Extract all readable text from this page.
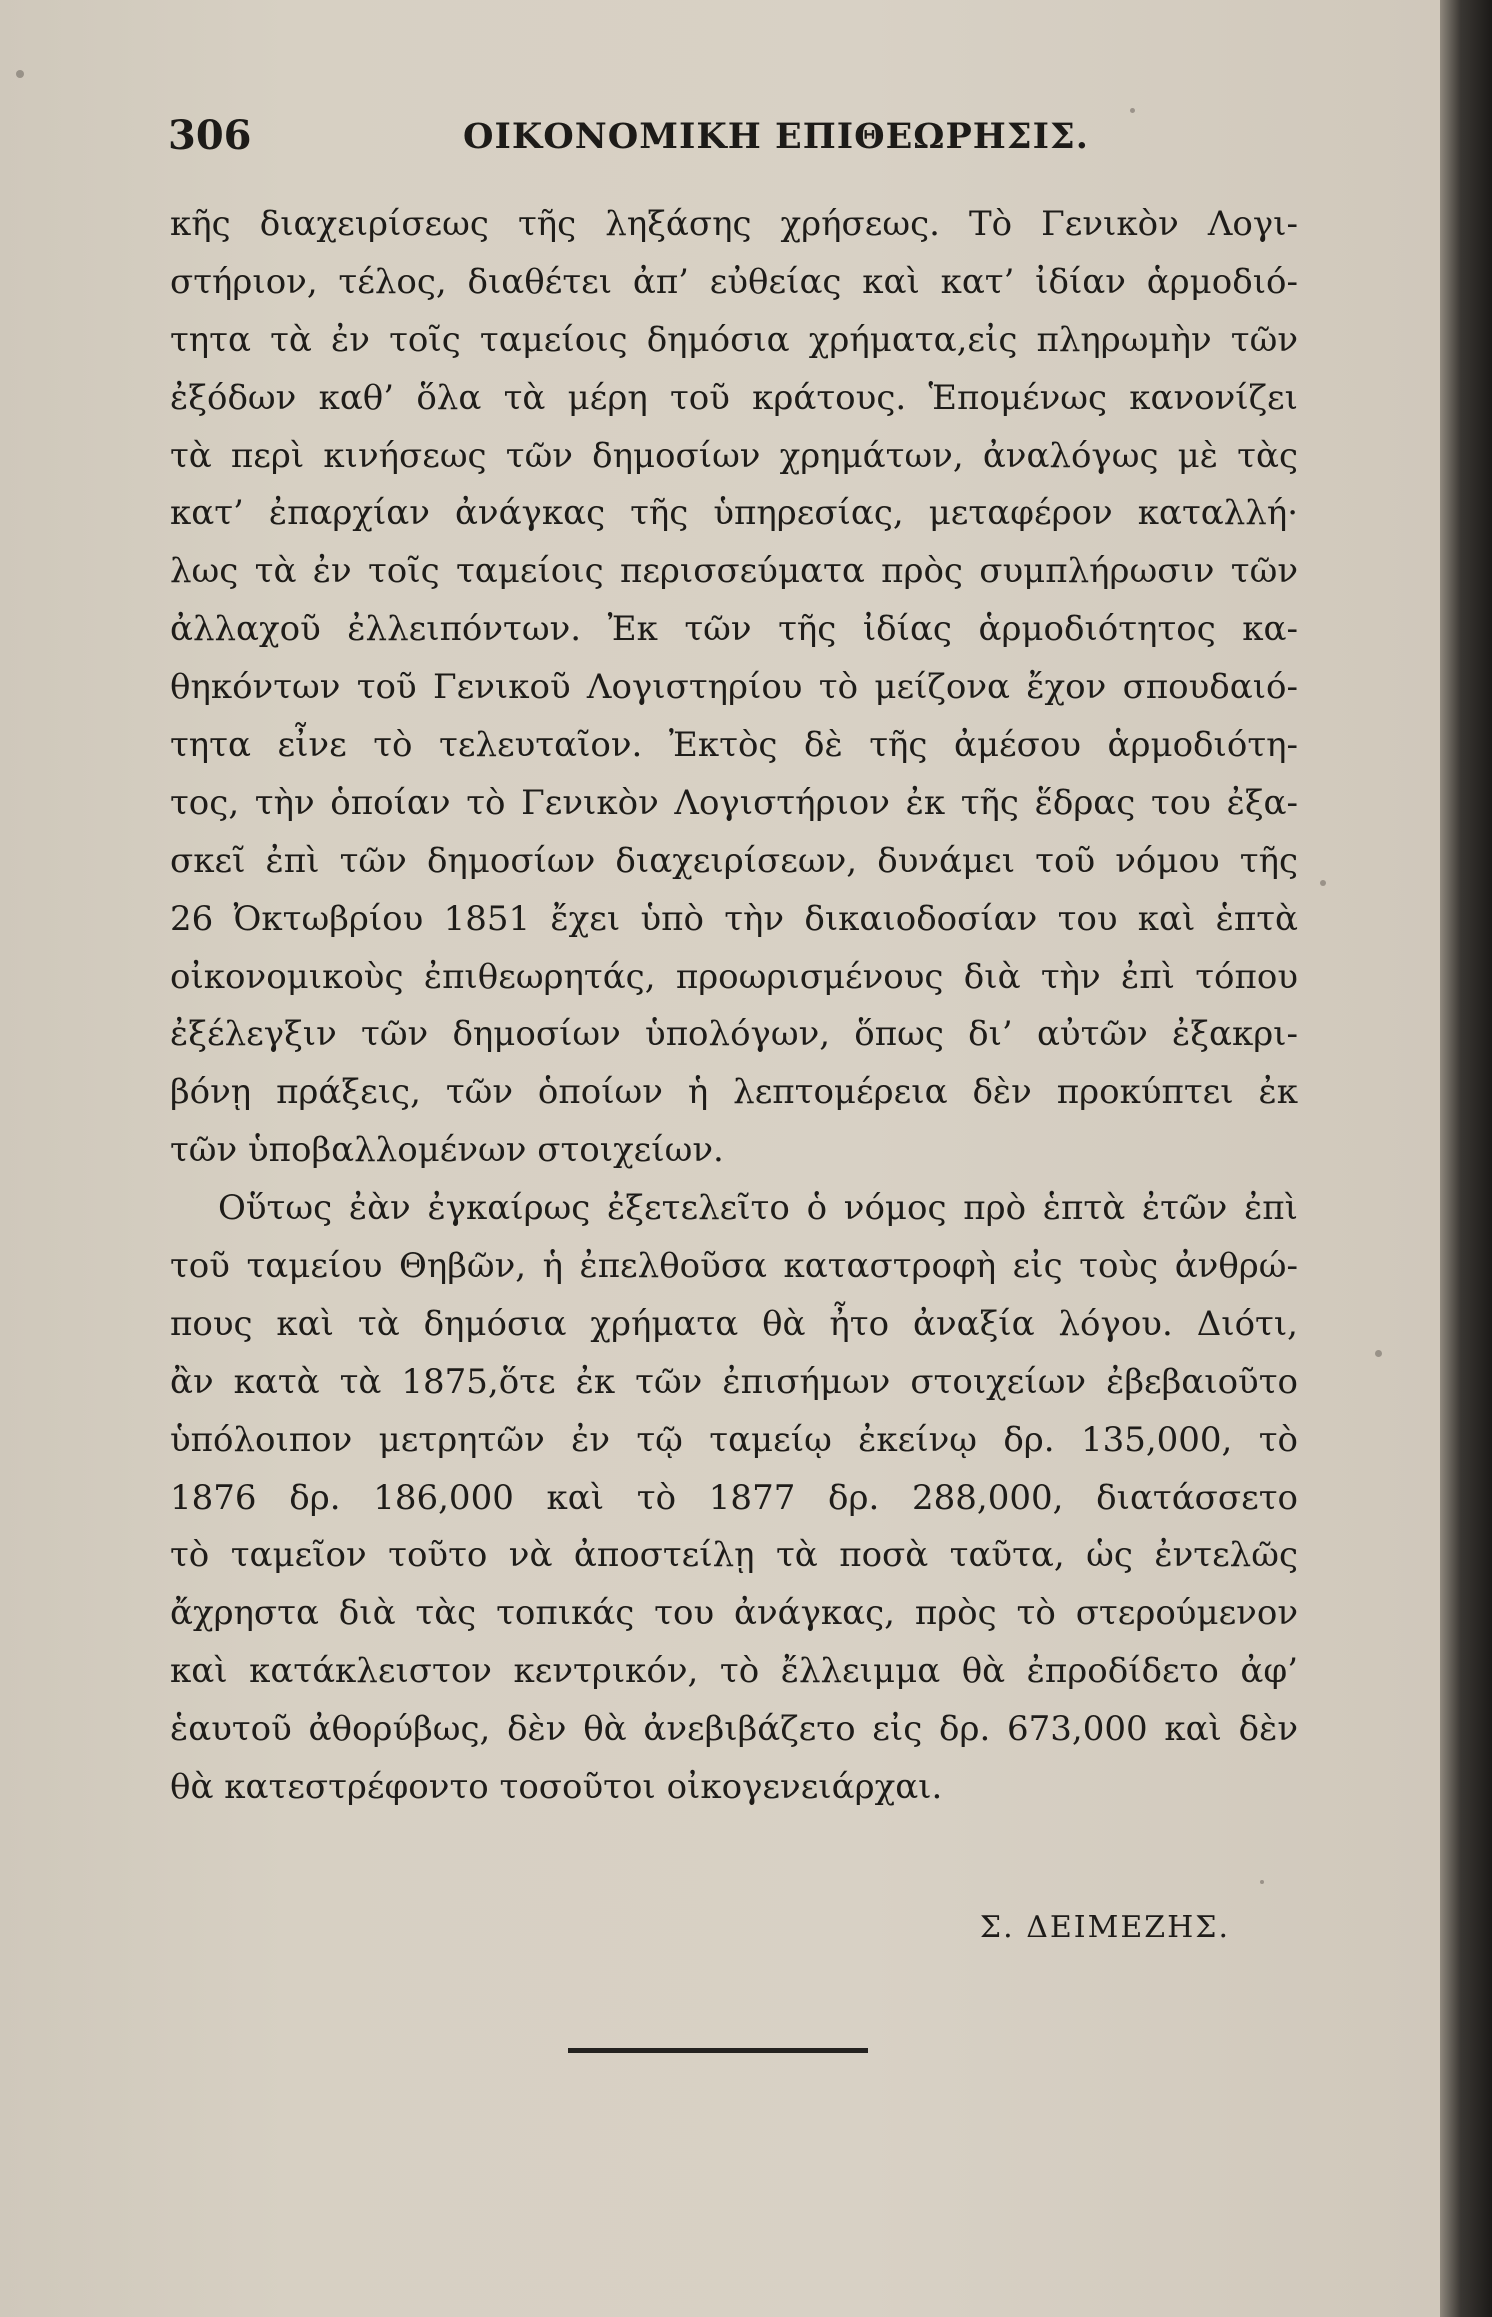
306	ΟΙΚΟΝΟΜΙΚΗ ΕΠΙΘΕΩΡΗΣΙΣ.
κῆς διαχειρίσεως τῆς ληξάσης χρήσεως. Τὸ Γενικὸν Λογι-
στήριον, τέλος, διαθέτει ἀπ’ εὐθείας καὶ κατ’ ἰδίαν ἁρμοδιό-
τητα τὰ ἐν τοῖς ταμείοις δημόσια χρήματα,εἰς πληρωμὴν τῶν
ἐξόδων καθ’ ὅλα τὰ μέρη τοῦ κράτους. Ἑπομένως κανονίζει
τὰ περὶ κινήσεως τῶν δημοσίων χρημάτων, ἀναλόγως μὲ τὰς
κατ’ ἐπαρχίαν ἀνάγκας τῆς ὑπηρεσίας, μεταφέρον καταλλή·
λως τὰ ἐν τοῖς ταμείοις περισσεύματα πρὸς συμπλήρωσιν τῶν
ἀλλαχοῦ ἐλλειπόντων. Ἐκ τῶν τῆς ἰδίας ἁρμοδιότητος κα-
θηκόντων τοῦ Γενικοῦ Λογιστηρίου τὸ μείζονα ἔχον σπουδαιό-
τητα εἶνε τὸ τελευταῖον. Ἐκτὸς δὲ τῆς ἀμέσου ἁρμοδιότη-
τος, τὴν ὁποίαν τὸ Γενικὸν Λογιστήριον ἐκ τῆς ἕδρας του ἐξα-
σκεῖ ἐπὶ τῶν δημοσίων διαχειρίσεων, δυνάμει τοῦ νόμου τῆς
26 Ὀκτωβρίου 1851 ἔχει ὑπὸ τὴν δικαιοδοσίαν του καὶ ἑπτὰ
οἰκονομικοὺς ἐπιθεωρητάς, προωρισμένους διὰ τὴν ἐπὶ τόπου
ἐξέλεγξιν τῶν δημοσίων ὑπολόγων, ὅπως δι’ αὐτῶν ἐξακρι-
βόνῃ πράξεις, τῶν ὁποίων ἡ λεπτομέρεια δὲν προκύπτει ἐκ
τῶν ὑποβαλλομένων στοιχείων.
Οὕτως ἐὰν ἐγκαίρως ἐξετελεῖτο ὁ νόμος πρὸ ἑπτὰ ἐτῶν ἐπὶ
τοῦ ταμείου Θηβῶν, ἡ ἐπελθοῦσα καταστροφὴ εἰς τοὺς ἀνθρώ-
πους καὶ τὰ δημόσια χρήματα θὰ ἦτο ἀναξία λόγου. Διότι,
ἂν κατὰ τὰ 1875,ὅτε ἐκ τῶν ἐπισήμων στοιχείων ἐβεβαιοῦτο
ὑπόλοιπον μετρητῶν ἐν τῷ ταμείῳ ἐκείνῳ δρ. 135,000, τὸ
1876 δρ. 186,000 καὶ τὸ 1877 δρ. 288,000, διατάσσετο
τὸ ταμεῖον τοῦτο νὰ ἀποστείλῃ τὰ ποσὰ ταῦτα, ὡς ἐντελῶς
ἄχρηστα διὰ τὰς τοπικάς του ἀνάγκας, πρὸς τὸ στερούμενον
καὶ κατάκλειστον κεντρικόν, τὸ ἔλλειμμα θὰ ἐπροδίδετο ἀφ’
ἑαυτοῦ ἀθορύβως, δὲν θὰ ἀνεβιβάζετο εἰς δρ. 673,000 καὶ δὲν
θὰ κατεστρέφοντο τοσοῦτοι οἰκογενειάρχαι.
Σ. ΔΕΙΜΕΖΗΣ.
